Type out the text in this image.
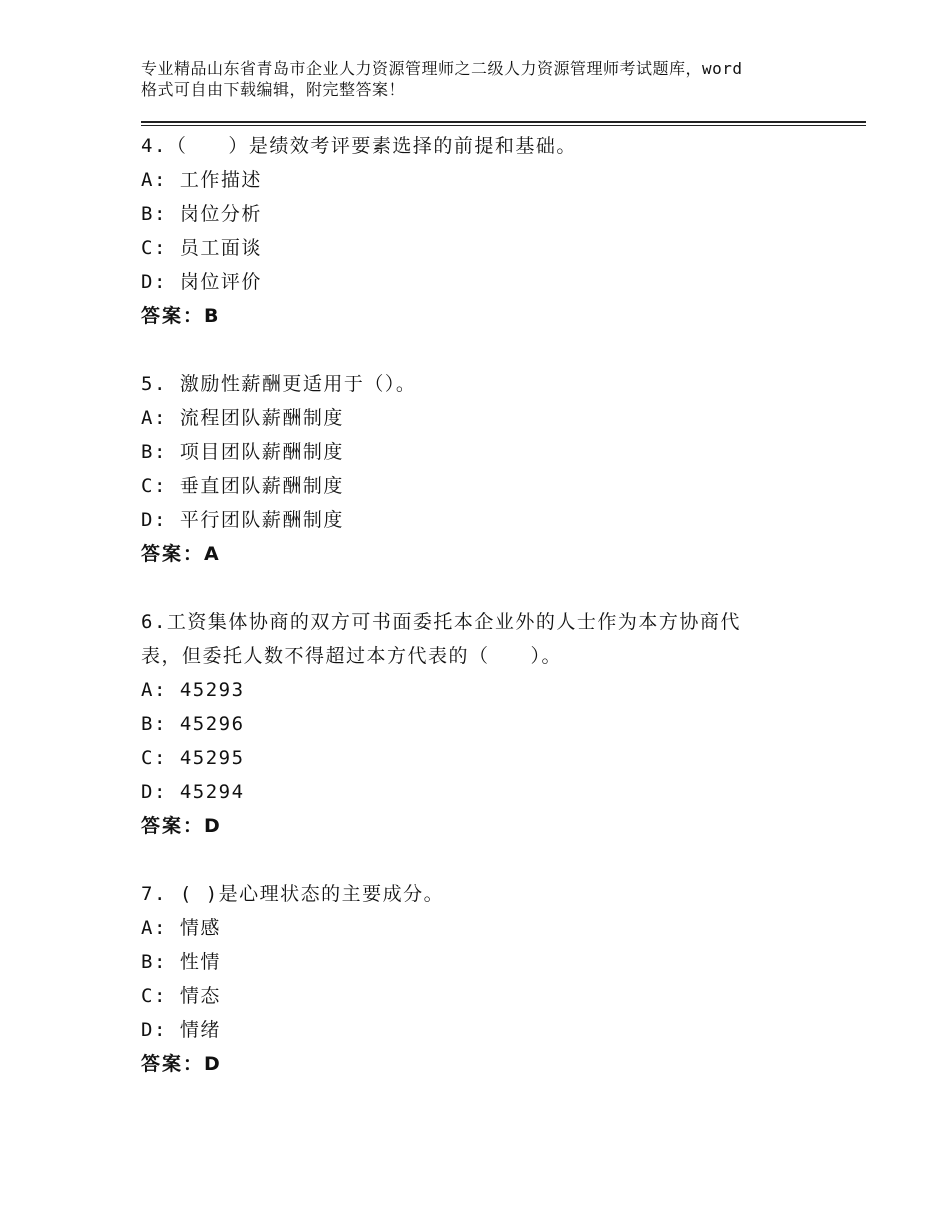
专业精品山东省青岛市企业人力资源管理师之二级人力资源管理师考试题库，word
格式可自由下载编辑，附完整答案！
4.（　　）是绩效考评要素选择的前提和基础。
A: 工作描述
B: 岗位分析
C: 员工面谈
D: 岗位评价
答案：B
5. 激励性薪酬更适用于（）。
A: 流程团队薪酬制度
B: 项目团队薪酬制度
C: 垂直团队薪酬制度
D: 平行团队薪酬制度
答案：A
6.工资集体协商的双方可书面委托本企业外的人士作为本方协商代
表，但委托人数不得超过本方代表的（　　）。
A: 45293
B: 45296
C: 45295
D: 45294
答案：D
7. ( )是心理状态的主要成分。
A: 情感
B: 性情
C: 情态
D: 情绪
答案：D
